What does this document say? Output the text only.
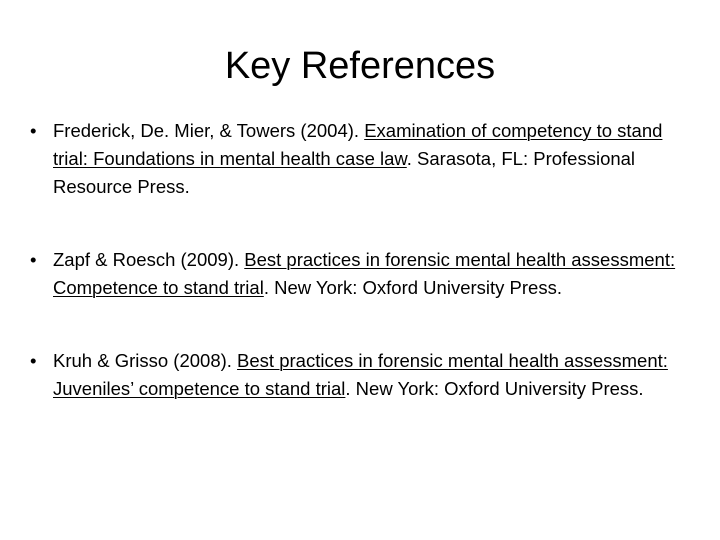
Key References
• Frederick, De. Mier, & Towers (2004). Examination of competency to stand trial: Foundations in mental health case law. Sarasota, FL: Professional Resource Press.
• Zapf & Roesch (2009). Best practices in forensic mental health assessment: Competence to stand trial. New York: Oxford University Press.
• Kruh & Grisso (2008). Best practices in forensic mental health assessment: Juveniles’ competence to stand trial. New York: Oxford University Press.
